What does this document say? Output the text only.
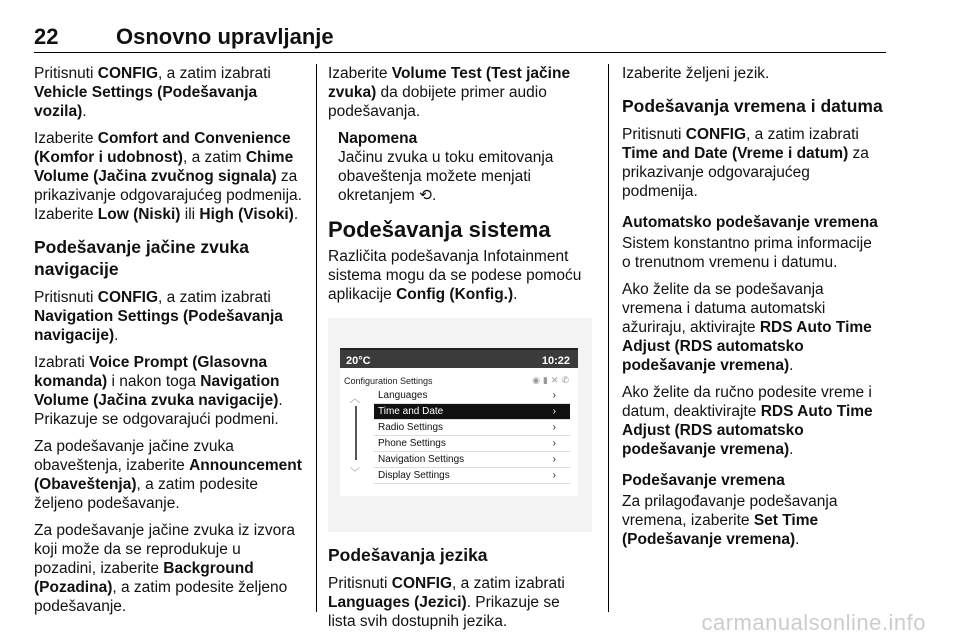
22	Osnovno upravljanje

Pritisnuti CONFIG, a zatim izabrati Vehicle Settings (Podešavanja vozila).

Izaberite Comfort and Convenience (Komfor i udobnost), a zatim Chime Volume (Jačina zvučnog signala) za prikazivanje odgovarajućeg podmenija. Izaberite Low (Niski) ili High (Visoki).

Podešavanje jačine zvuka navigacije

Pritisnuti CONFIG, a zatim izabrati Navigation Settings (Podešavanja navigacije).

Izabrati Voice Prompt (Glasovna komanda) i nakon toga Navigation Volume (Jačina zvuka navigacije). Prikazuje se odgovarajući podmeni.

Za podešavanje jačine zvuka obaveštenja, izaberite Announcement (Obaveštenja), a zatim podesite željeno podešavanje.

Za podešavanje jačine zvuka iz izvora koji može da se reprodukuje u pozadini, izaberite Background (Pozadina), a zatim podesite željeno podešavanje.

Izaberite Volume Test (Test jačine zvuka) da dobijete primer audio podešavanja.

Napomena
Jačinu zvuka u toku emitovanja obaveštenja možete menjati okretanjem ⟲.
Podešavanja sistema

Različita podešavanja Infotainment sistema mogu da se podese pomoću aplikacije Config (Konfig.).

20°C	10:22
Configuration Settings	◉▮✕✆
︿
﹀
Languages	›
Time and Date	›
Radio Settings	›
Phone Settings	›
Navigation Settings	›
Display Settings	›
Podešavanja jezika

Pritisnuti CONFIG, a zatim izabrati Languages (Jezici). Prikazuje se lista svih dostupnih jezika.

Izaberite željeni jezik.

Podešavanja vremena i datuma

Pritisnuti CONFIG, a zatim izabrati Time and Date (Vreme i datum) za prikazivanje odgovarajućeg podmenija.

Automatsko podešavanje vremena

Sistem konstantno prima informacije o trenutnom vremenu i datumu.

Ako želite da se podešavanja vremena i datuma automatski ažuriraju, aktivirajte RDS Auto Time Adjust (RDS automatsko podešavanje vremena).

Ako želite da ručno podesite vreme i datum, deaktivirajte RDS Auto Time Adjust (RDS automatsko podešavanje vremena).

Podešavanje vremena

Za prilagođavanje podešavanja vremena, izaberite Set Time (Podešavanje vremena).

carmanualsonline.info
